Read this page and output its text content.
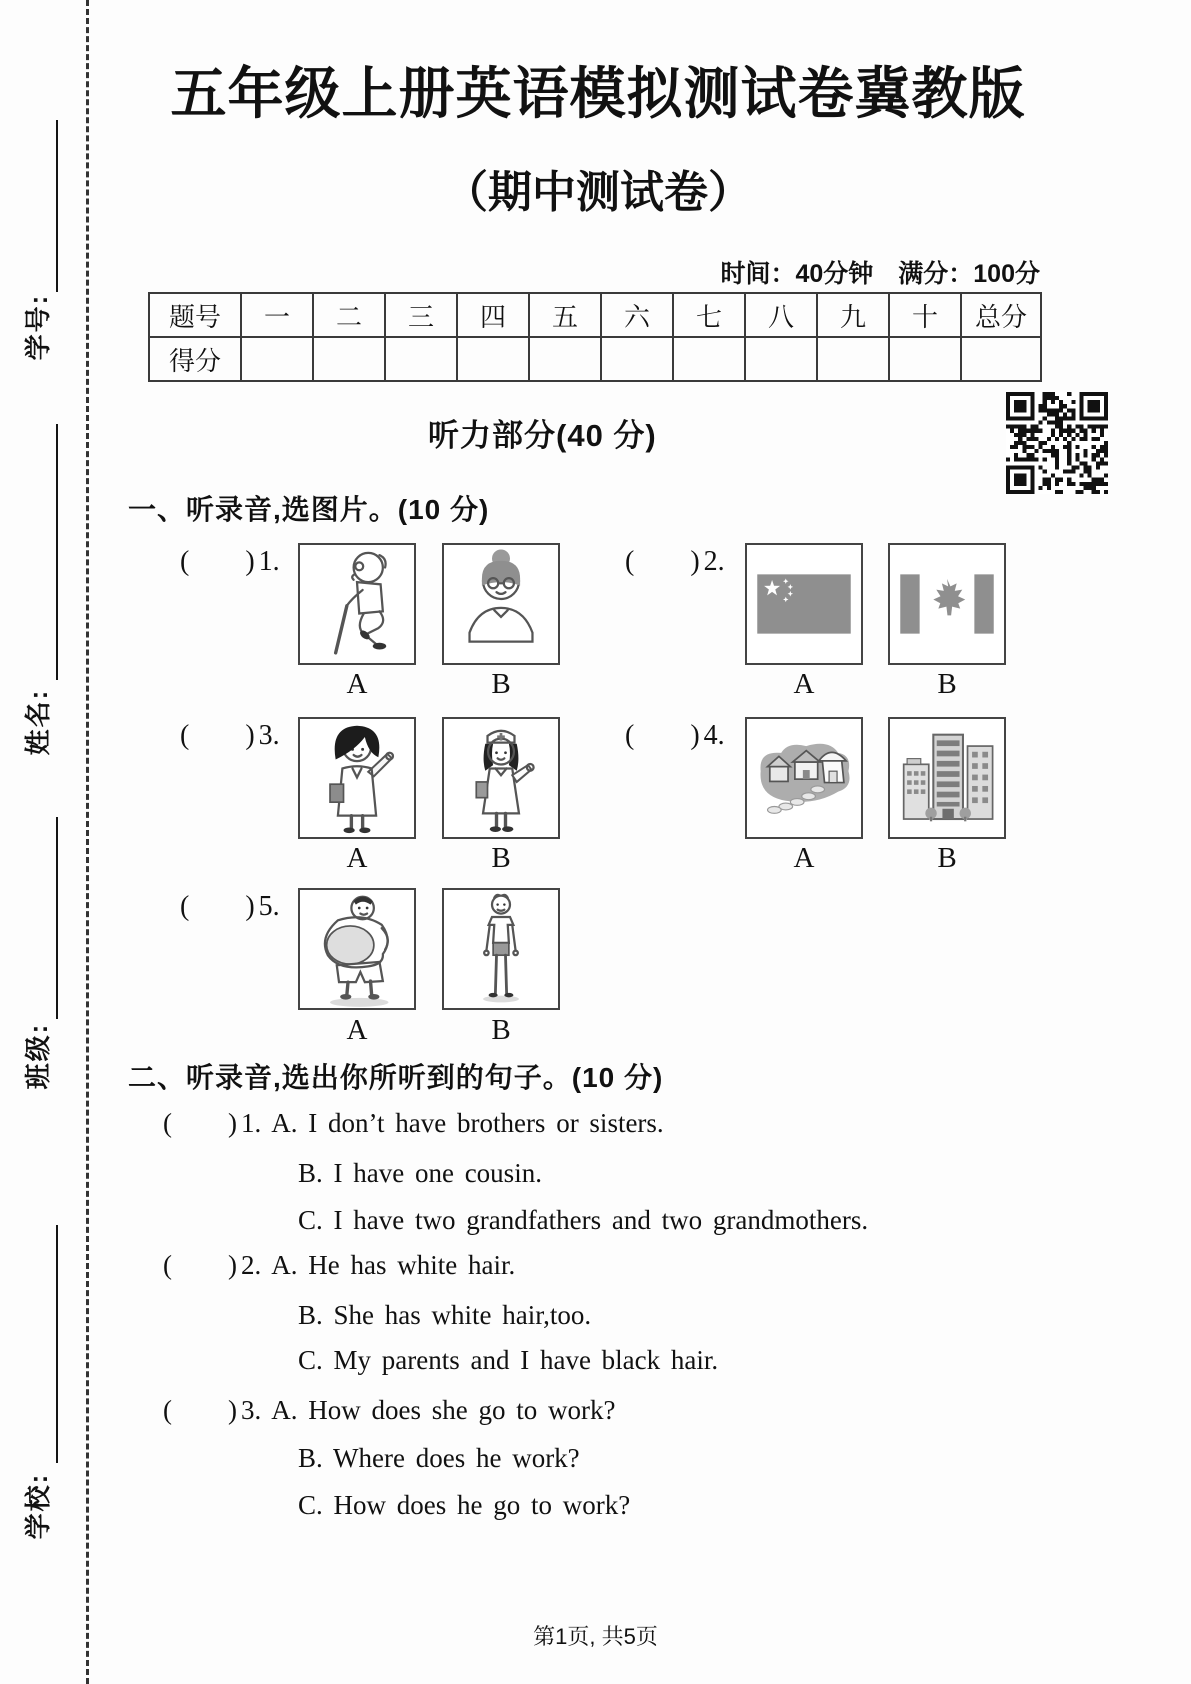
学号:
姓名:
班级:
学校:
五年级上册英语模拟测试卷冀教版
（期中测试卷）
时间：40分钟　满分：100分
题号	一	二	三	四	五	六	七	八	九	十	总分
得分											
听力部分(40 分)
一、听录音,选图片。(10 分)
( ) 1.
A	B
( ) 2.
A	B
( ) 3.
A	B
( ) 4.
A	B
( ) 5.
A	B
二、听录音,选出你所听到的句子。(10 分)
( ) 1. A. I don’t have brothers or sisters.
B. I have one cousin.
C. I have two grandfathers and two grandmothers.
( ) 2. A. He has white hair.
B. She has white hair,too.
C. My parents and I have black hair.
( ) 3. A. How does she go to work?
B. Where does he work?
C. How does he go to work?
第1页, 共5页
